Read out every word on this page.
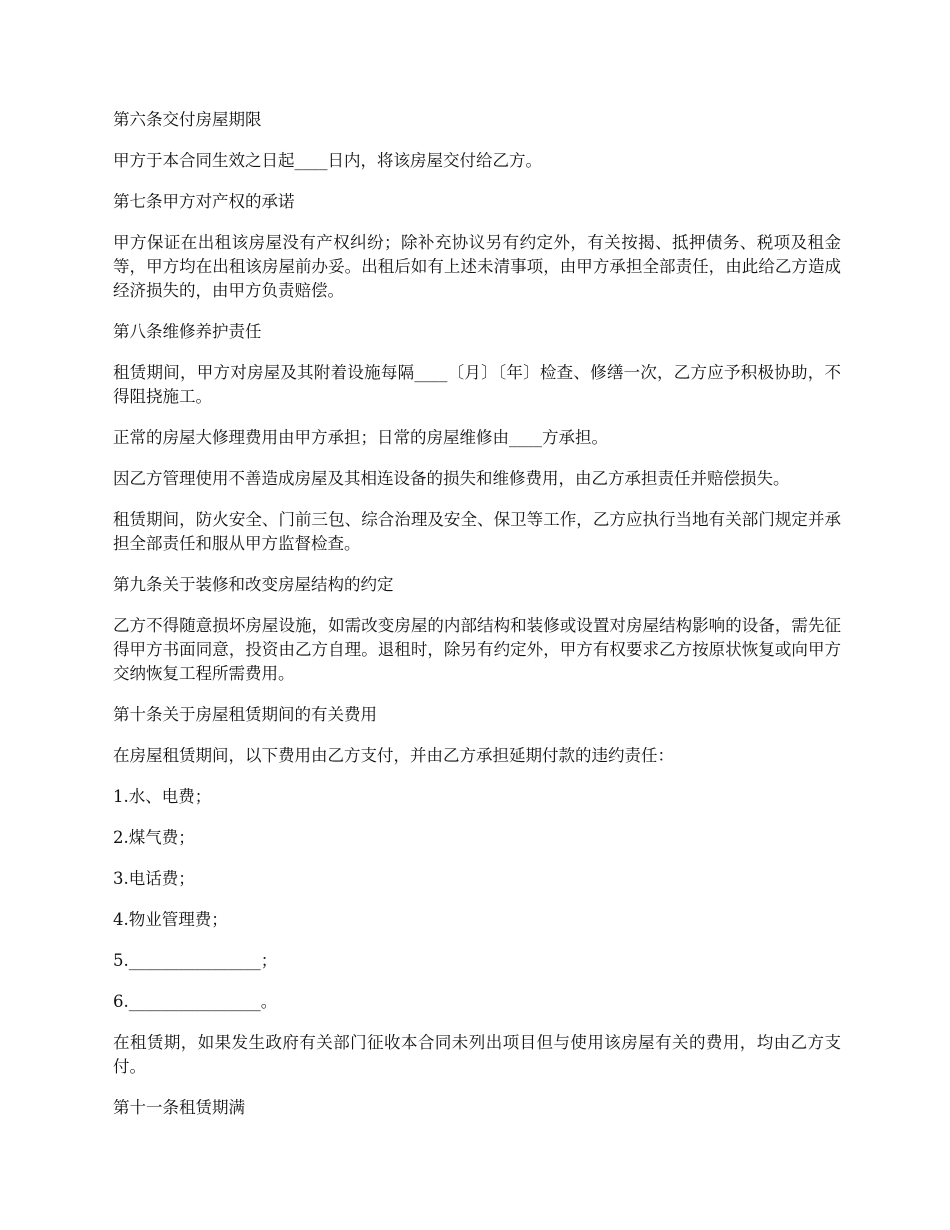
第六条交付房屋期限

甲方于本合同生效之日起____日内，将该房屋交付给乙方。

第七条甲方对产权的承诺

甲方保证在出租该房屋没有产权纠纷；除补充协议另有约定外，有关按揭、抵押债务、税项及租金等，甲方均在出租该房屋前办妥。出租后如有上述未清事项，由甲方承担全部责任，由此给乙方造成经济损失的，由甲方负责赔偿。

第八条维修养护责任

租赁期间，甲方对房屋及其附着设施每隔____〔月〕〔年〕检查、修缮一次，乙方应予积极协助，不得阻挠施工。

正常的房屋大修理费用由甲方承担；日常的房屋维修由____方承担。

因乙方管理使用不善造成房屋及其相连设备的损失和维修费用，由乙方承担责任并赔偿损失。

租赁期间，防火安全、门前三包、综合治理及安全、保卫等工作，乙方应执行当地有关部门规定并承担全部责任和服从甲方监督检查。

第九条关于装修和改变房屋结构的约定

乙方不得随意损坏房屋设施，如需改变房屋的内部结构和装修或设置对房屋结构影响的设备，需先征得甲方书面同意，投资由乙方自理。退租时，除另有约定外，甲方有权要求乙方按原状恢复或向甲方交纳恢复工程所需费用。

第十条关于房屋租赁期间的有关费用

在房屋租赁期间，以下费用由乙方支付，并由乙方承担延期付款的违约责任：

1.水、电费；

2.煤气费；

3.电话费；

4.物业管理费；

5.________________；

6.________________。

在租赁期，如果发生政府有关部门征收本合同未列出项目但与使用该房屋有关的费用，均由乙方支付。

第十一条租赁期满
